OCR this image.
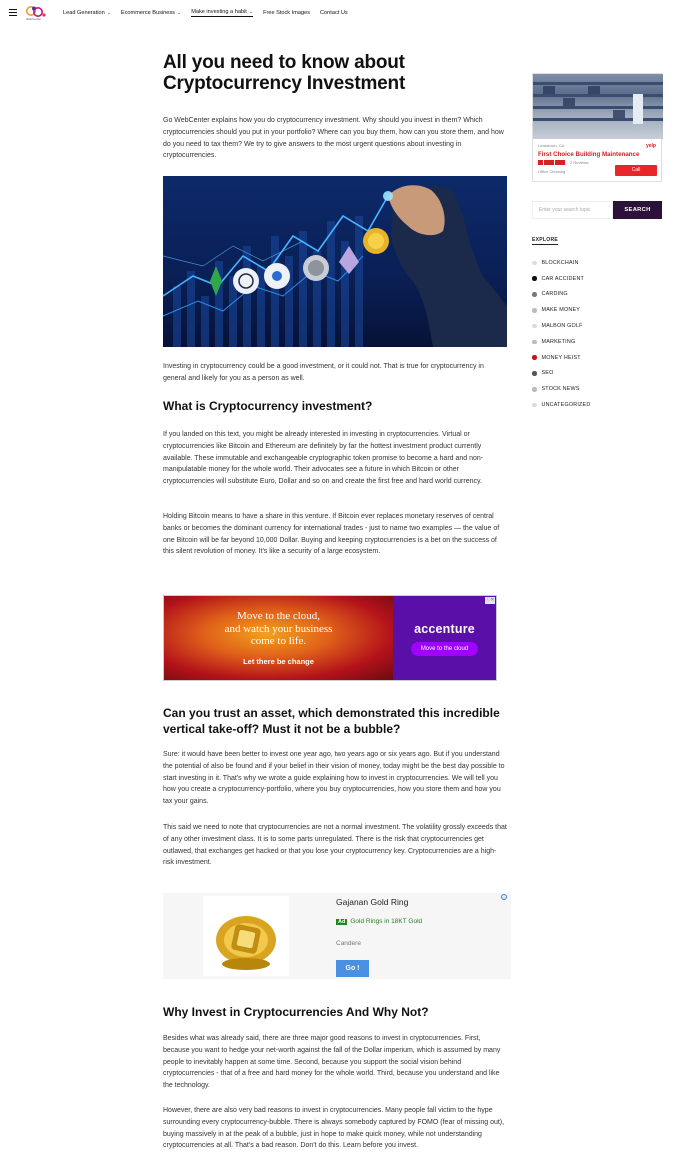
WebCenter
Lead Generation ⌄ Ecommerce Business ⌄ Make investing a habit ⌄ Free Stock Images Contact Us
All you need to know about
Cryptocurrency Investment

Go WebCenter explains how you do cryptocurrency investment. Why should you invest in them? Which cryptocurrencies should you put in your portfolio? Where can you buy them, how can you store them, and how do you need to tax them? We try to give answers to the most urgent questions about investing in cryptocurrencies.

Investing in cryptocurrency could be a good investment, or it could not. That is true for cryptocurrency in general and likely for you as a person as well.

What is Cryptocurrency investment?

If you landed on this text, you might be already interested in investing in cryptocurrencies. Virtual or cryptocurrencies like Bitcoin and Ethereum are definitely by far the hottest investment product currently available. These immutable and exchangeable cryptographic token promise to become a hard and non-manipulatable money for the whole world. Their advocates see a future in which Bitcoin or other cryptocurrencies will substitute Euro, Dollar and so on and create the first free and hard world currency.

Holding Bitcoin means to have a share in this venture. If Bitcoin ever replaces monetary reserves of central banks or becomes the dominant currency for international trades - just to name two examples — the value of one Bitcoin will be far beyond 10,000 Dollar. Buying and keeping cryptocurrencies is a bet on the success of this silent revolution of money. It's like a security of a large ecosystem.

Move to the cloud,
and watch your business
come to life.
Let there be change
accenture
Move to the cloud
ⓘ✕
Can you trust an asset, which demonstrated this incredible vertical take-off? Must it not be a bubble?

Sure: it would have been better to invest one year ago, two years ago or six years ago. But if you understand the potential of also be found and if your belief in their vision of money, today might be the best day possible to start investing in it. That's why we wrote a guide explaining how to invest in cryptocurrencies. We will tell you how you create a cryptocurrency-portfolio, where you buy cryptocurrencies, how you store them and how you tax your gains.

This said we need to note that cryptocurrencies are not a normal investment. The volatility grossly exceeds that of any other investment class. It is to some parts unregulated. There is the risk that cryptocurrencies get outlawed, that exchanges get hacked or that you lose your cryptocurrency key. Cryptocurrencies are a high-risk investment.

Gajanan Gold Ring
Ad Gold Rings in 18KT Gold
Candere
Go !
i
Why Invest in Cryptocurrencies And Why Not?

Besides what was already said, there are three major good reasons to invest in cryptocurrencies. First, because you want to hedge your net-worth against the fall of the Dollar imperium, which is assumed by many people to inevitably happen at some time. Second, because you support the social vision behind cryptocurrencies - that of a free and hard money for the whole world. Third, because you understand and like the technology.

However, there are also very bad reasons to invest in cryptocurrencies. Many people fall victim to the hype surrounding every cryptocurrency-bubble. There is always somebody captured by FOMO (fear of missing out), buying massively in at the peak of a bubble, just in hope to make quick money, while not understanding cryptocurrencies at all. That's a bad reason. Don't do this. Learn before you invest.

Lewistown, CA	yelp
First Choice Building Maintenance
2 Reviews
Office Cleaning	Call
Enter your search topic
SEARCH
EXPLORE
BLOCKCHAIN
CAR ACCIDENT
CARDING
MAKE MONEY
MALBON GOLF
MARKETING
MONEY HEIST
SEO
STOCK NEWS
UNCATEGORIZED
